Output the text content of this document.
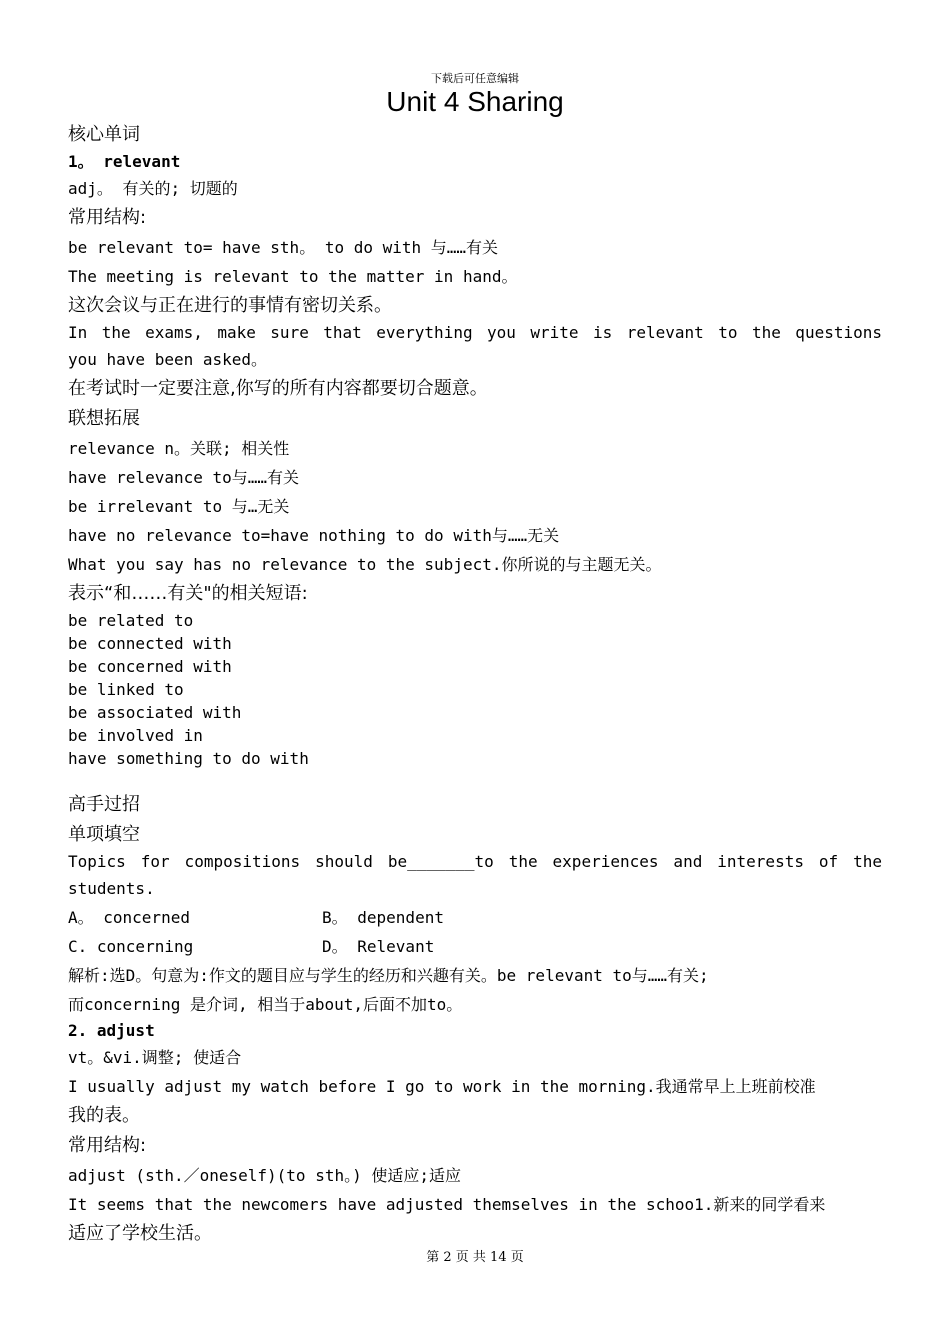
下载后可任意编辑
Unit 4 Sharing
核心单词
1。 relevant
adj。 有关的; 切题的
常用结构:
be relevant to= have sth。 to do with 与……有关
The meeting is relevant to the matter in hand。
这次会议与正在进行的事情有密切关系。
In the exams, make sure that everything you write is relevant to the questions
you have been asked。
在考试时一定要注意,你写的所有内容都要切合题意。
联想拓展
relevance n。关联; 相关性
have relevance to与……有关
be irrelevant to 与…无关
have no relevance to=have nothing to do with与……无关
What you say has no relevance to the subject.你所说的与主题无关。
表示“和……有关"的相关短语:
be related to
be connected with
be concerned with
be linked to
be associated with
be involved in
have something to do with
高手过招
单项填空
Topics for compositions should be_______to the experiences and interests of the
students.
A。 concerned	B。 dependent
C. concerning	D。 Relevant
解析:选D。句意为:作文的题目应与学生的经历和兴趣有关。be relevant to与……有关;
而concerning 是介词, 相当于about,后面不加to。
2. adjust
vt。&vi.调整; 使适合
I usually adjust my watch before I go to work in the morning.我通常早上上班前校准
我的表。
常用结构:
adjust (sth.／oneself)(to sth。) 使适应;适应
It seems that the newcomers have adjusted themselves in the schoo1.新来的同学看来
适应了学校生活。
第 2 页 共 14 页
